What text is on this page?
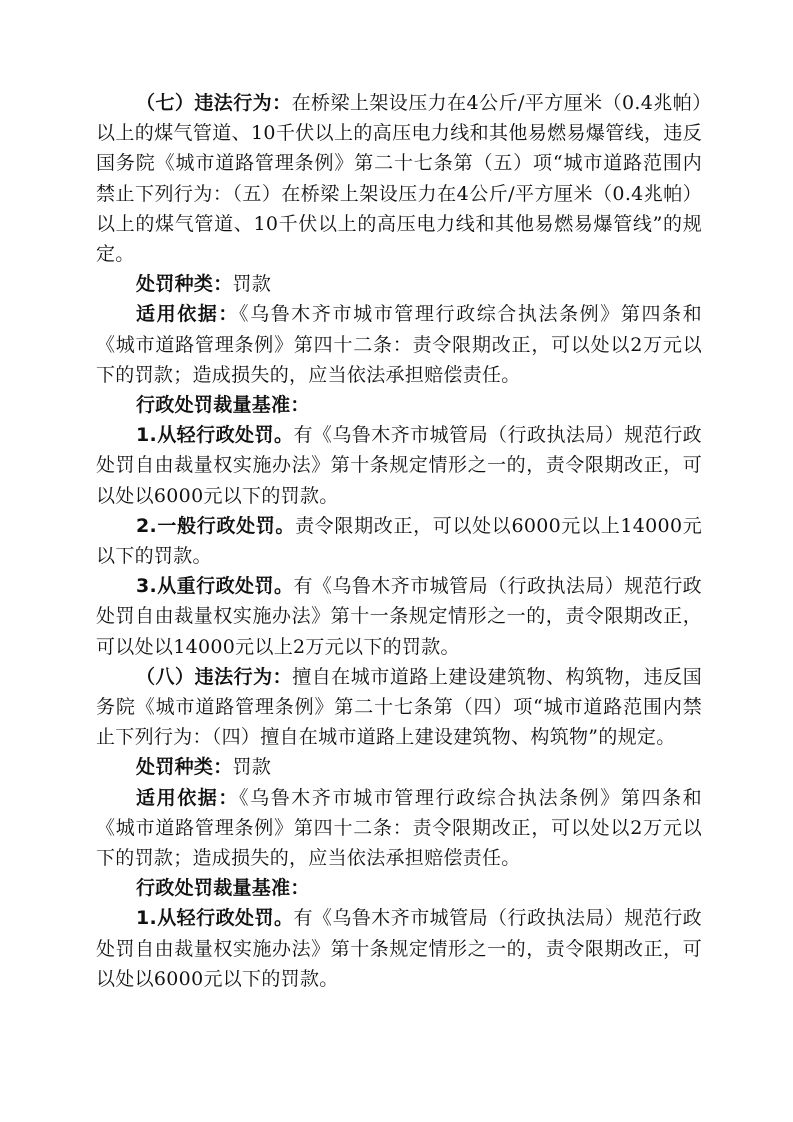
（七）违法行为：在桥梁上架设压力在4公斤/平方厘米（0.4兆帕）以上的煤气管道、10千伏以上的高压电力线和其他易燃易爆管线，违反国务院《城市道路管理条例》第二十七条第（五）项“城市道路范围内禁止下列行为：（五）在桥梁上架设压力在4公斤/平方厘米（0.4兆帕）以上的煤气管道、10千伏以上的高压电力线和其他易燃易爆管线”的规定。

处罚种类：罚款

适用依据：《乌鲁木齐市城市管理行政综合执法条例》第四条和《城市道路管理条例》第四十二条：责令限期改正，可以处以2万元以下的罚款；造成损失的，应当依法承担赔偿责任。

行政处罚裁量基准：

1.从轻行政处罚。有《乌鲁木齐市城管局（行政执法局）规范行政处罚自由裁量权实施办法》第十条规定情形之一的，责令限期改正，可以处以6000元以下的罚款。

2.一般行政处罚。责令限期改正，可以处以6000元以上14000元以下的罚款。

3.从重行政处罚。有《乌鲁木齐市城管局（行政执法局）规范行政处罚自由裁量权实施办法》第十一条规定情形之一的，责令限期改正，可以处以14000元以上2万元以下的罚款。

（八）违法行为：擅自在城市道路上建设建筑物、构筑物，违反国务院《城市道路管理条例》第二十七条第（四）项“城市道路范围内禁止下列行为：（四）擅自在城市道路上建设建筑物、构筑物”的规定。

处罚种类：罚款

适用依据：《乌鲁木齐市城市管理行政综合执法条例》第四条和《城市道路管理条例》第四十二条：责令限期改正，可以处以2万元以下的罚款；造成损失的，应当依法承担赔偿责任。

行政处罚裁量基准：

1.从轻行政处罚。有《乌鲁木齐市城管局（行政执法局）规范行政处罚自由裁量权实施办法》第十条规定情形之一的，责令限期改正，可以处以6000元以下的罚款。
